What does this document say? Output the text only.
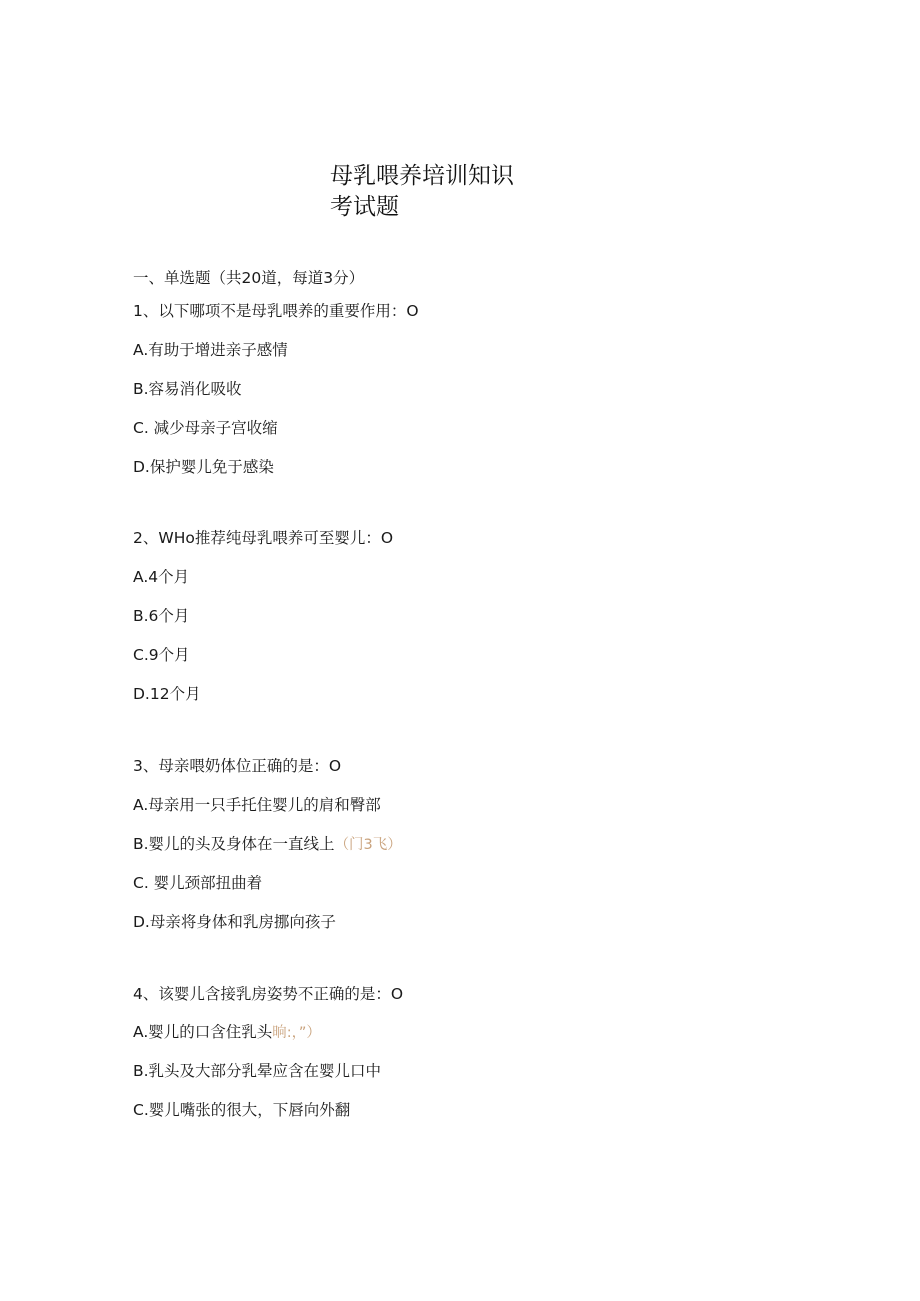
母乳喂养培训知识
考试题
一、单选题（共20道，每道3分）
1、以下哪项不是母乳喂养的重要作用：O
A.有助于增进亲子感情
B.容易消化吸收
C. 减少母亲子宫收缩
D.保护婴儿免于感染
2、WHo推荐纯母乳喂养可至婴儿：O
A.4个月
B.6个月
C.9个月
D.12个月
3、母亲喂奶体位正确的是：O
A.母亲用一只手托住婴儿的肩和臀部
B.婴儿的头及身体在一直线上（门3飞）
C. 婴儿颈部扭曲着
D.母亲将身体和乳房挪向孩子
4、该婴儿含接乳房姿势不正确的是：O
A.婴儿的口含住乳头晌:，”）
B.乳头及大部分乳晕应含在婴儿口中
C.婴儿嘴张的很大，下唇向外翻
